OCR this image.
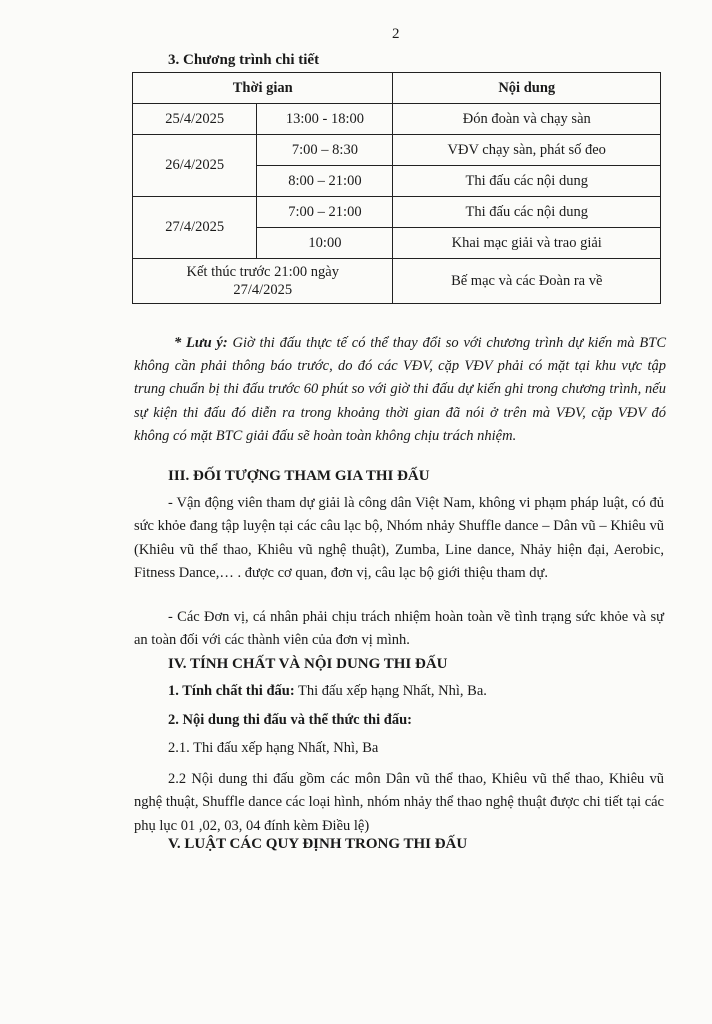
2
3. Chương trình chi tiết
Thời gian		Nội dung
25/4/2025	13:00 - 18:00	Đón đoàn và chạy sàn
26/4/2025	7:00 – 8:30	VĐV chạy sàn, phát số đeo
	8:00 – 21:00	Thi đấu các nội dung
27/4/2025	7:00 – 21:00	Thi đấu các nội dung
	10:00	Khai mạc giải và trao giải
Kết thúc trước 21:00 ngày 27/4/2025		Bế mạc và các Đoàn ra về
* Lưu ý: Giờ thi đấu thực tế có thể thay đổi so với chương trình dự kiến mà BTC không cần phải thông báo trước, do đó các VĐV, cặp VĐV phải có mặt tại khu vực tập trung chuẩn bị thi đấu trước 60 phút so với giờ thi đấu dự kiến ghi trong chương trình, nếu sự kiện thi đấu đó diễn ra trong khoảng thời gian đã nói ở trên mà VĐV, cặp VĐV đó không có mặt BTC giải đấu sẽ hoàn toàn không chịu trách nhiệm.
III. ĐỐI TƯỢNG THAM GIA THI ĐẤU
- Vận động viên tham dự giải là công dân Việt Nam, không vi phạm pháp luật, có đủ sức khỏe đang tập luyện tại các câu lạc bộ, Nhóm nhảy Shuffle dance – Dân vũ – Khiêu vũ (Khiêu vũ thể thao, Khiêu vũ nghệ thuật), Zumba, Line dance, Nhảy hiện đại, Aerobic, Fitness Dance,… . được cơ quan, đơn vị, câu lạc bộ giới thiệu tham dự.
- Các Đơn vị, cá nhân phải chịu trách nhiệm hoàn toàn về tình trạng sức khỏe và sự an toàn đối với các thành viên của đơn vị mình.
IV. TÍNH CHẤT VÀ NỘI DUNG THI ĐẤU
1. Tính chất thi đấu: Thi đấu xếp hạng Nhất, Nhì, Ba.
2. Nội dung thi đấu và thể thức thi đấu:
2.1. Thi đấu xếp hạng Nhất, Nhì, Ba
2.2 Nội dung thi đấu gồm các môn Dân vũ thể thao, Khiêu vũ thể thao, Khiêu vũ nghệ thuật, Shuffle dance các loại hình, nhóm nhảy thể thao nghệ thuật được chi tiết tại các phụ lục 01 ,02, 03, 04 đính kèm Điều lệ)
V. LUẬT CÁC QUY ĐỊNH TRONG THI ĐẤU
